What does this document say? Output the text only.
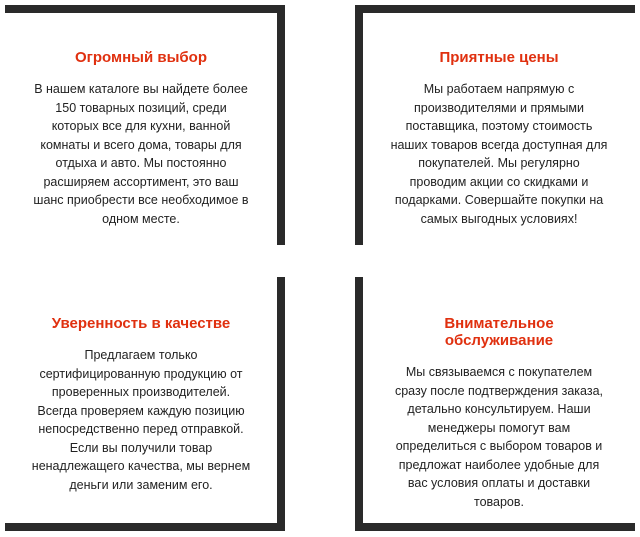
Огромный выбор

В нашем каталоге вы найдете более 150 товарных позиций, среди которых все для кухни, ванной комнаты и всего дома, товары для отдыха и авто. Мы постоянно расширяем ассортимент, это ваш шанс приобрести все необходимое в одном месте.

Приятные цены

Мы работаем напрямую с производителями и прямыми поставщика, поэтому стоимость наших товаров всегда доступная для покупателей. Мы регулярно проводим акции со скидками и подарками. Совершайте покупки на самых выгодных условиях!

Уверенность в качестве

Предлагаем только сертифицированную продукцию от проверенных производителей. Всегда проверяем каждую позицию непосредственно перед отправкой. Если вы получили товар ненадлежащего качества, мы вернем деньги или заменим его.

Внимательное обслуживание

Мы связываемся с покупателем сразу после подтверждения заказа, детально консультируем. Наши менеджеры помогут вам определиться с выбором товаров и предложат наиболее удобные для вас условия оплаты и доставки товаров.
